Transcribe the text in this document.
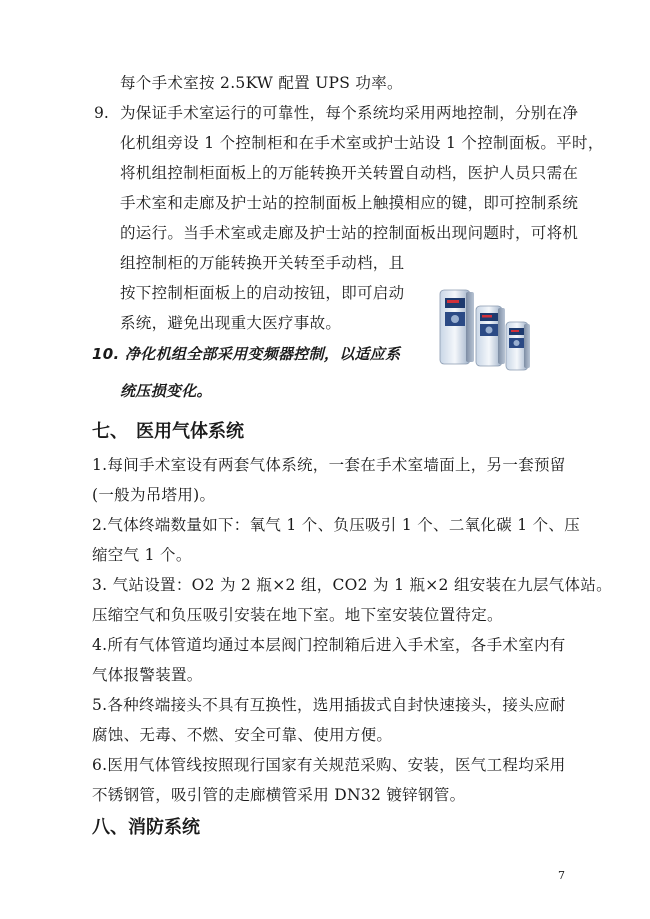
每个手术室按 2.5KW 配置 UPS 功率。
9. 为保证手术室运行的可靠性，每个系统均采用两地控制，分别在净
化机组旁设 1 个控制柜和在手术室或护士站设 1 个控制面板。平时，
将机组控制柜面板上的万能转换开关转置自动档，医护人员只需在
手术室和走廊及护士站的控制面板上触摸相应的键，即可控制系统
的运行。当手术室或走廊及护士站的控制面板出现问题时，可将机
组控制柜的万能转换开关转至手动档，且
按下控制柜面板上的启动按钮，即可启动
系统，避免出现重大医疗事故。
10. 净化机组全部采用变频器控制，以适应系
统压损变化。
七、 医用气体系统
1.每间手术室设有两套气体系统，一套在手术室墙面上，另一套预留
(一般为吊塔用)。
2.气体终端数量如下：氧气 1 个、负压吸引 1 个、二氧化碳 1 个、压
缩空气 1 个。
3. 气站设置：O2 为 2 瓶×2 组，CO2 为 1 瓶×2 组安装在九层气体站。
压缩空气和负压吸引安装在地下室。地下室安装位置待定。
4.所有气体管道均通过本层阀门控制箱后进入手术室，各手术室内有
气体报警装置。
5.各种终端接头不具有互换性，选用插拔式自封快速接头，接头应耐
腐蚀、无毒、不燃、安全可靠、使用方便。
6.医用气体管线按照现行国家有关规范采购、安装，医气工程均采用
不锈钢管，吸引管的走廊横管采用 DN32 镀锌钢管。
八、消防系统
7
